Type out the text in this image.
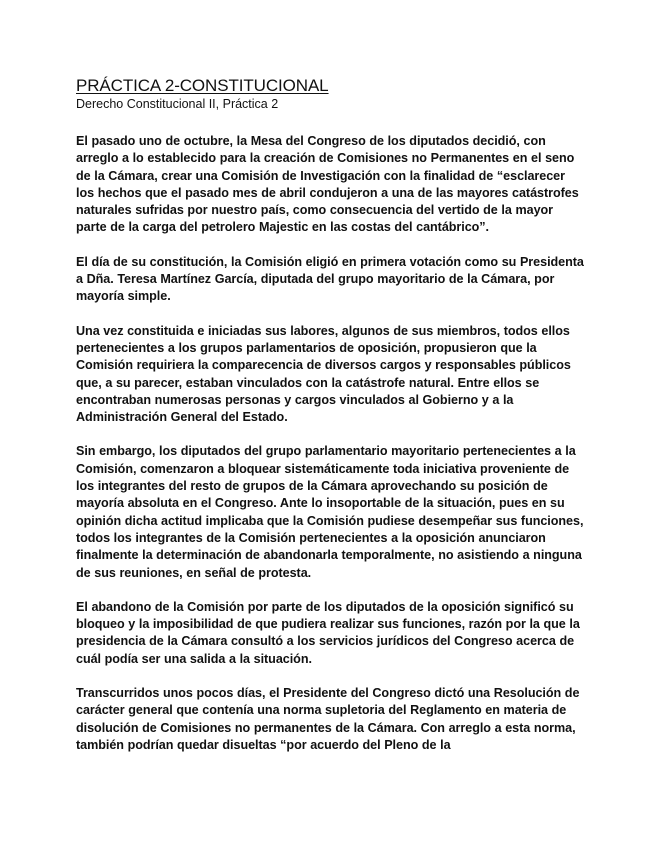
PRÁCTICA 2-CONSTITUCIONAL
Derecho Constitucional II, Práctica 2

El pasado uno de octubre, la Mesa del Congreso de los diputados decidió, con arreglo a lo establecido para la creación de Comisiones no Permanentes en el seno de la Cámara, crear una Comisión de Investigación con la finalidad de “esclarecer los hechos que el pasado mes de abril condujeron a una de las mayores catástrofes naturales sufridas por nuestro país, como consecuencia del vertido de la mayor parte de la carga del petrolero Majestic en las costas del cantábrico”.

El día de su constitución, la Comisión eligió en primera votación como su Presidenta a Dña. Teresa Martínez García, diputada del grupo mayoritario de la Cámara, por mayoría simple.

Una vez constituida e iniciadas sus labores, algunos de sus miembros, todos ellos pertenecientes a los grupos parlamentarios de oposición, propusieron que la Comisión requiriera la comparecencia de diversos cargos y responsables públicos que, a su parecer, estaban vinculados con la catástrofe natural. Entre ellos se encontraban numerosas personas y cargos vinculados al Gobierno y a la Administración General del Estado.

Sin embargo, los diputados del grupo parlamentario mayoritario pertenecientes a la Comisión, comenzaron a bloquear sistemáticamente toda iniciativa proveniente de los integrantes del resto de grupos de la Cámara aprovechando su posición de mayoría absoluta en el Congreso. Ante lo insoportable de la situación, pues en su opinión dicha actitud implicaba que la Comisión pudiese desempeñar sus funciones, todos los integrantes de la Comisión pertenecientes a la oposición anunciaron finalmente la determinación de abandonarla temporalmente, no asistiendo a ninguna de sus reuniones, en señal de protesta.

El abandono de la Comisión por parte de los diputados de la oposición significó su bloqueo y la imposibilidad de que pudiera realizar sus funciones, razón por la que la presidencia de la Cámara consultó a los servicios jurídicos del Congreso acerca de cuál podía ser una salida a la situación.

Transcurridos unos pocos días, el Presidente del Congreso dictó una Resolución de carácter general que contenía una norma supletoria del Reglamento en materia de disolución de Comisiones no permanentes de la Cámara. Con arreglo a esta norma, también podrían quedar disueltas “por acuerdo del Pleno de la
